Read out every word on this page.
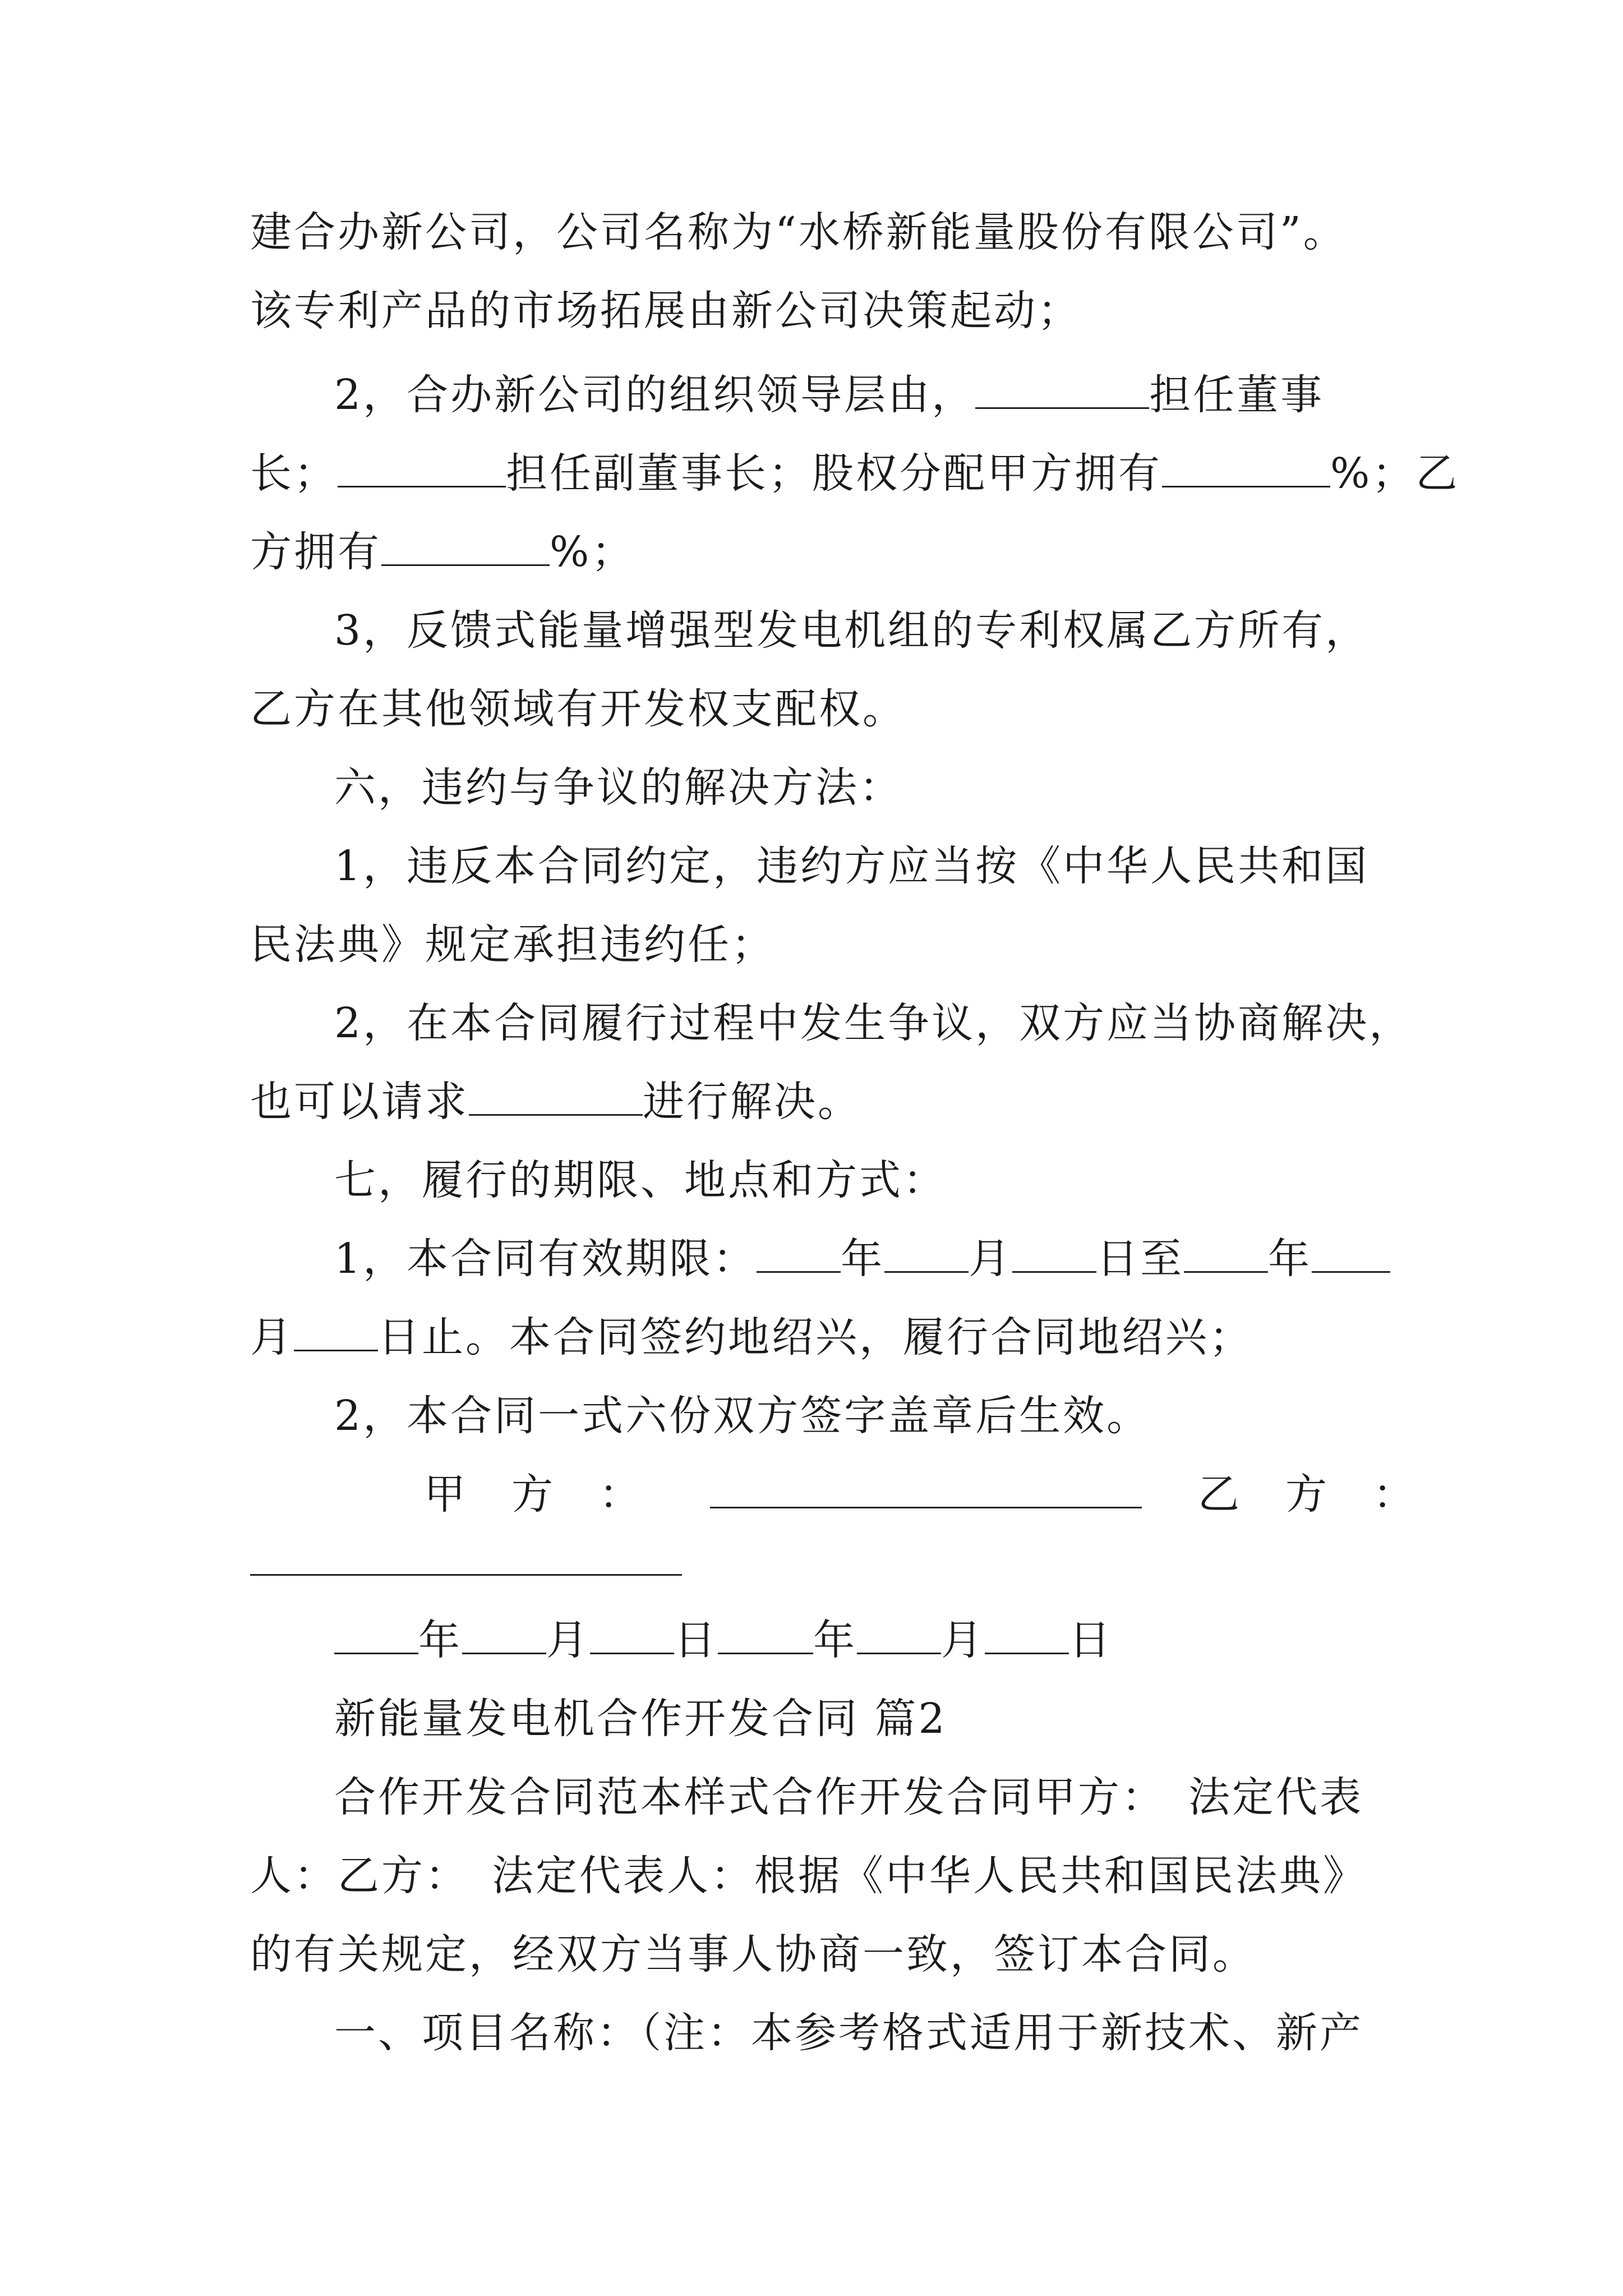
建合办新公司，公司名称为“水桥新能量股份有限公司”。
该专利产品的市场拓展由新公司决策起动；
2，合办新公司的组织领导层由，	担任董事
长；	担任副董事长；股权分配甲方拥有	%；乙
方拥有	%；
3，反馈式能量增强型发电机组的专利权属乙方所有，
乙方在其他领域有开发权支配权。
六，违约与争议的解决方法：
1，违反本合同约定，违约方应当按《中华人民共和国
民法典》规定承担违约任；
2，在本合同履行过程中发生争议，双方应当协商解决，
也可以请求	进行解决。
七，履行的期限、地点和方式：
1，本合同有效期限： 年 月 日至 年
月 日止。本合同签约地绍兴，履行合同地绍兴；
2，本合同一式六份双方签字盖章后生效。
甲　方　：	乙　方　：
年 月 日 年 月 日
新能量发电机合作开发合同 篇2
合作开发合同范本样式合作开发合同甲方：　法定代表
人：乙方：　法定代表人：根据《中华人民共和国民法典》
的有关规定，经双方当事人协商一致，签订本合同。
一、项目名称：（注：本参考格式适用于新技术、新产
